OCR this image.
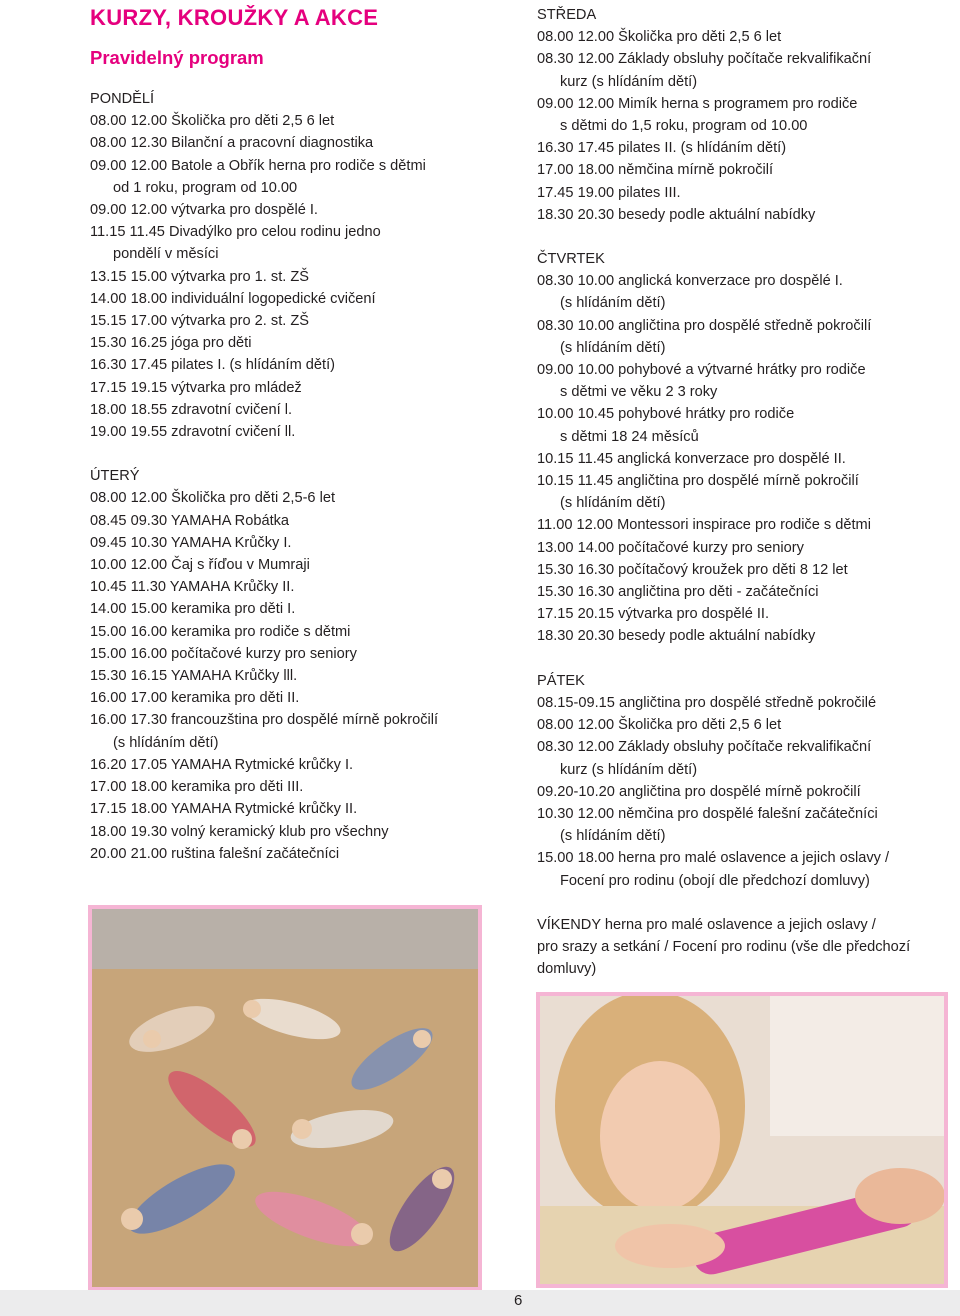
KURZY, KROUŽKY A AKCE
Pravidelný program
PONDĚLÍ
08.00 12.00 Školička pro děti 2,5 6 let
08.00 12.30 Bilanční a pracovní diagnostika
09.00 12.00 Batole a Obřík herna pro rodiče s dětmi
od 1 roku, program od 10.00
09.00 12.00 výtvarka pro dospělé I.
11.15 11.45 Divadýlko pro celou rodinu jedno
pondělí v měsíci
13.15 15.00 výtvarka pro 1. st. ZŠ
14.00 18.00 individuální logopedické cvičení
15.15 17.00 výtvarka pro 2. st. ZŠ
15.30 16.25 jóga pro děti
16.30 17.45 pilates I. (s hlídáním dětí)
17.15 19.15 výtvarka pro mládež
18.00 18.55 zdravotní cvičení l.
19.00 19.55 zdravotní cvičení ll.
ÚTERÝ
08.00 12.00 Školička pro děti 2,5-6 let
08.45 09.30 YAMAHA Robátka
09.45 10.30 YAMAHA Krůčky I.
10.00 12.00 Čaj s říďou v Mumraji
10.45 11.30 YAMAHA Krůčky II.
14.00 15.00 keramika pro děti I.
15.00 16.00 keramika pro rodiče s dětmi
15.00 16.00 počítačové kurzy pro seniory
15.30 16.15 YAMAHA Krůčky lll.
16.00 17.00 keramika pro děti II.
16.00 17.30 francouzština pro dospělé mírně pokročilí
(s hlídáním dětí)
16.20 17.05 YAMAHA Rytmické krůčky I.
17.00 18.00 keramika pro děti III.
17.15 18.00 YAMAHA Rytmické krůčky II.
18.00 19.30 volný keramický klub pro všechny
20.00 21.00 ruština falešní začátečníci
STŘEDA
08.00 12.00 Školička pro děti 2,5 6 let
08.30 12.00 Základy obsluhy počítače rekvalifikační
kurz (s hlídáním dětí)
09.00 12.00 Mimík herna s programem pro rodiče
s dětmi do 1,5 roku, program od 10.00
16.30 17.45 pilates II. (s hlídáním dětí)
17.00 18.00 němčina mírně pokročilí
17.45 19.00 pilates III.
18.30 20.30 besedy podle aktuální nabídky
ČTVRTEK
08.30 10.00 anglická konverzace pro dospělé I.
(s hlídáním dětí)
08.30 10.00 angličtina pro dospělé středně pokročilí
(s hlídáním dětí)
09.00 10.00 pohybové a výtvarné hrátky pro rodiče
s dětmi ve věku 2 3 roky
10.00 10.45 pohybové hrátky pro rodiče
s dětmi 18 24 měsíců
10.15 11.45 anglická konverzace pro dospělé II.
10.15 11.45 angličtina pro dospělé mírně pokročilí
(s hlídáním dětí)
11.00 12.00 Montessori inspirace pro rodiče s dětmi
13.00 14.00 počítačové kurzy pro seniory
15.30 16.30 počítačový kroužek pro děti 8 12 let
15.30 16.30 angličtina pro děti - začátečníci
17.15 20.15 výtvarka pro dospělé II.
18.30 20.30 besedy podle aktuální nabídky
PÁTEK
08.15-09.15 angličtina pro dospělé středně pokročilé
08.00 12.00 Školička pro děti 2,5 6 let
08.30 12.00 Základy obsluhy počítače rekvalifikační
kurz (s hlídáním dětí)
09.20-10.20 angličtina pro dospělé mírně pokročilí
10.30 12.00 němčina pro dospělé falešní začátečníci
(s hlídáním dětí)
15.00 18.00 herna pro malé oslavence a jejich oslavy /
Focení pro rodinu (obojí dle předchozí domluvy)
VÍKENDY herna pro malé oslavence a jejich oslavy /
pro srazy a setkání / Focení pro rodinu (vše dle předchozí
domluvy)
6
